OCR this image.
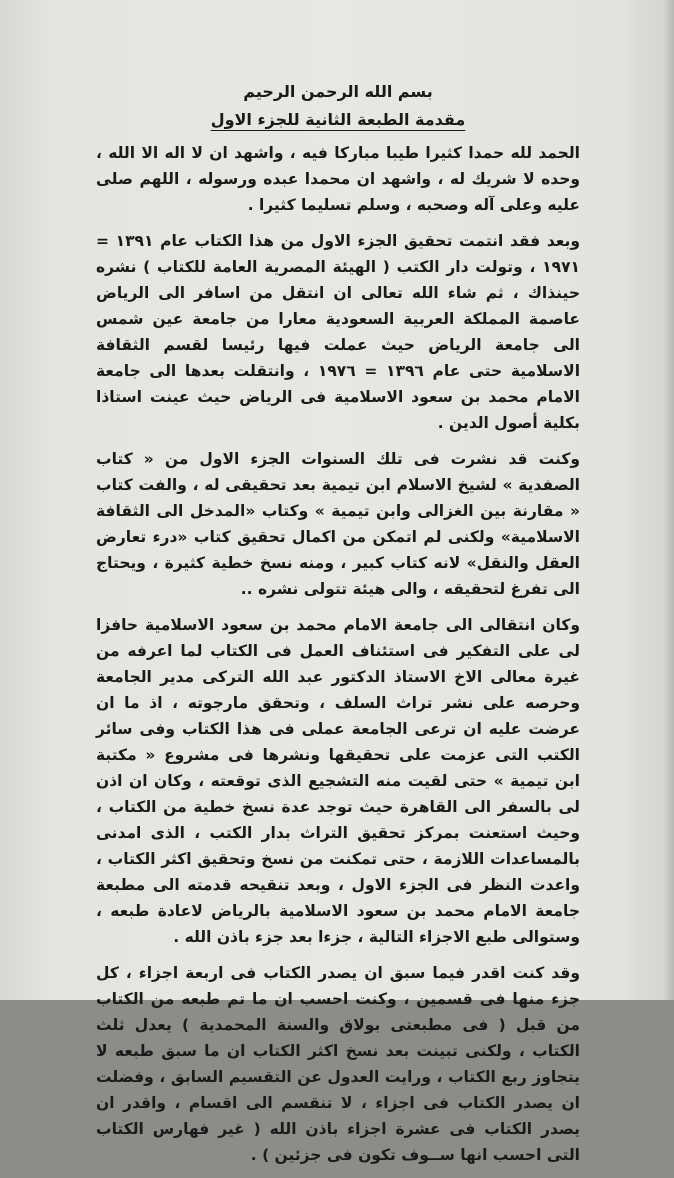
بسم الله الرحمن الرحيم

مقدمة الطبعة الثانية للجزء الاول

الحمد لله حمدا كثيرا طيبا مباركا فيه ، واشهد ان لا اله الا الله ، وحده لا شريك له ، واشهد ان محمدا عبده ورسوله ، اللهم صلى عليه وعلى آله وصحبه ، وسلم تسليما كثيرا .

وبعد فقد انتمت تحقيق الجزء الاول من هذا الكتاب عام ١٣٩١ = ١٩٧١ ، وتولت دار الكتب ( الهيئة المصرية العامة للكتاب ) نشره حينذاك ، ثم شاء الله تعالى ان انتقل من اسافر الى الرياض عاصمة المملكة العربية السعودية معارا من جامعة عين شمس الى جامعة الرياض حيث عملت فيها رئيسا لقسم الثقافة الاسلامية حتى عام ١٣٩٦ = ١٩٧٦ ، وانتقلت بعدها الى جامعة الامام محمد بن سعود الاسلامية فى الرياض حيث عينت استاذا بكلية أصول الدين .

وكنت قد نشرت فى تلك السنوات الجزء الاول من « كتاب الصفدية » لشيخ الاسلام ابن تيمية بعد تحقيقى له ، والفت كتاب « مقارنة بين الغزالى وابن تيمية » وكتاب «المدخل الى الثقافة الاسلامية» ولكنى لم اتمكن من اكمال تحقيق كتاب «درء تعارض العقل والنقل» لانه كتاب كبير ، ومنه نسخ خطية كثيرة ، ويحتاج الى تفرغ لتحقيقه ، والى هيئة تتولى نشره ..

وكان انتقالى الى جامعة الامام محمد بن سعود الاسلامية حافزا لى على التفكير فى استئناف العمل فى الكتاب لما اعرفه من غيرة معالى الاخ الاستاذ الدكتور عبد الله التركى مدير الجامعة وحرصه على نشر تراث السلف ، وتحقق مارجوته ، اذ ما ان عرضت عليه ان ترعى الجامعة عملى فى هذا الكتاب وفى سائر الكتب التى عزمت على تحقيقها ونشرها فى مشروع « مكتبة ابن تيمية » حتى لقيت منه التشجيع الذى توقعته ، وكان ان اذن لى بالسفر الى القاهرة حيث توجد عدة نسخ خطية من الكتاب ، وحيث استعنت بمركز تحقيق التراث بدار الكتب ، الذى امدنى بالمساعدات اللازمة ، حتى تمكنت من نسخ وتحقيق اكثر الكتاب ، واعدت النظر فى الجزء الاول ، وبعد تنقيحه قدمته الى مطبعة جامعة الامام محمد بن سعود الاسلامية بالرياض لاعادة طبعه ، وستوالى طبع الاجزاء التالية ، جزءا بعد جزء باذن الله .

وقد كنت اقدر فيما سبق ان يصدر الكتاب فى اربعة اجزاء ، كل جزء منها فى قسمين ، وكنت احسب ان ما تم طبعه من الكتاب من قبل ( فى مطبعتى بولاق والسنة المحمدية ) يعدل ثلث الكتاب ، ولكنى تبينت بعد نسخ اكثر الكتاب ان ما سبق طبعه لا يتجاوز ربع الكتاب ، ورايت العدول عن التقسيم السابق ، وفضلت ان يصدر الكتاب فى اجزاء ، لا تنقسم الى اقسام ، واقدر ان يصدر الكتاب فى عشرة اجزاء باذن الله ( غير فهارس الكتاب التى احسب انها ســوف تكون فى جزئين ) .
